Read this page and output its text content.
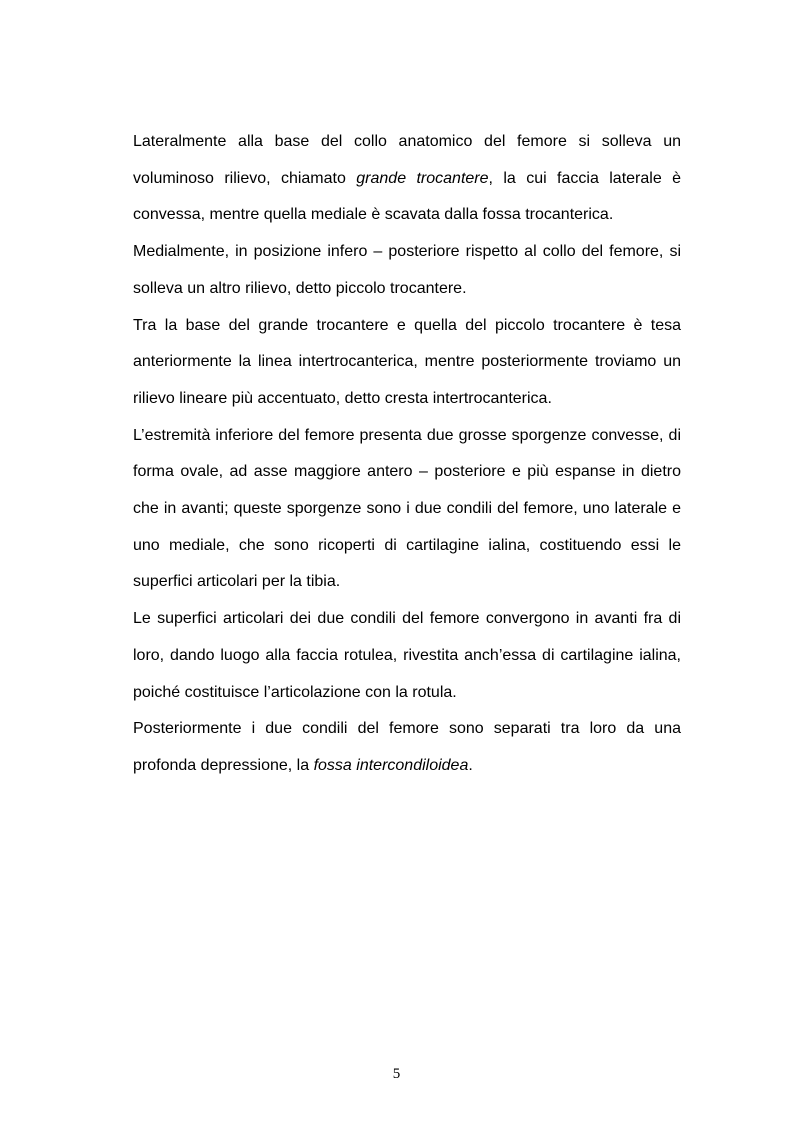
Lateralmente alla base del collo anatomico del femore si solleva un voluminoso rilievo, chiamato grande trocantere, la cui faccia laterale è convessa, mentre quella mediale è scavata dalla fossa trocanterica.

Medialmente, in posizione infero – posteriore rispetto al collo del femore, si solleva un altro rilievo, detto piccolo trocantere.

Tra la base del grande trocantere e quella del piccolo trocantere è tesa anteriormente la linea intertrocanterica, mentre posteriormente troviamo un rilievo lineare più accentuato, detto cresta intertrocanterica.

L’estremità inferiore del femore presenta due grosse sporgenze convesse, di forma ovale, ad asse maggiore antero – posteriore e più espanse in dietro che in avanti; queste sporgenze sono i due condili del femore, uno laterale e uno mediale, che sono ricoperti di cartilagine ialina, costituendo essi le superfici articolari per la tibia.

Le superfici articolari dei due condili del femore convergono in avanti fra di loro, dando luogo alla faccia rotulea, rivestita anch’essa di cartilagine ialina, poiché costituisce l’articolazione con la rotula.

Posteriormente i due condili del femore sono separati tra loro da una profonda depressione, la fossa intercondiloidea.

5
